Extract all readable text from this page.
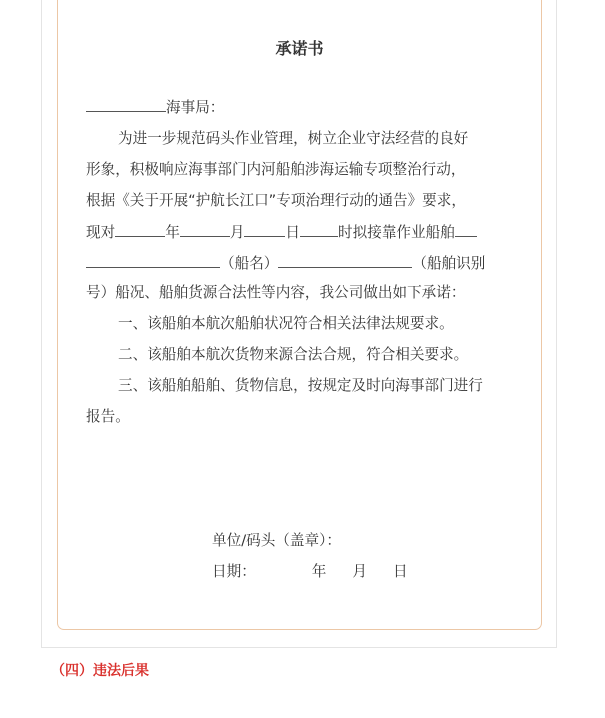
承诺书
海事局：
为进一步规范码头作业管理，树立企业守法经营的良好
形象，积极响应海事部门内河船舶涉海运输专项整治行动，
根据《关于开展“护航长江口”专项治理行动的通告》要求，
现对	年	月	日	时拟接靠作业船舶
（船名）	（船舶识别
号）船况、船舶货源合法性等内容，我公司做出如下承诺：
一、该船舶本航次船舶状况符合相关法律法规要求。
二、该船舶本航次货物来源合法合规，符合相关要求。
三、该船舶船舶、货物信息，按规定及时向海事部门进行
报告。
单位/码头（盖章）：
日期：	年 月 日
（四）违法后果
